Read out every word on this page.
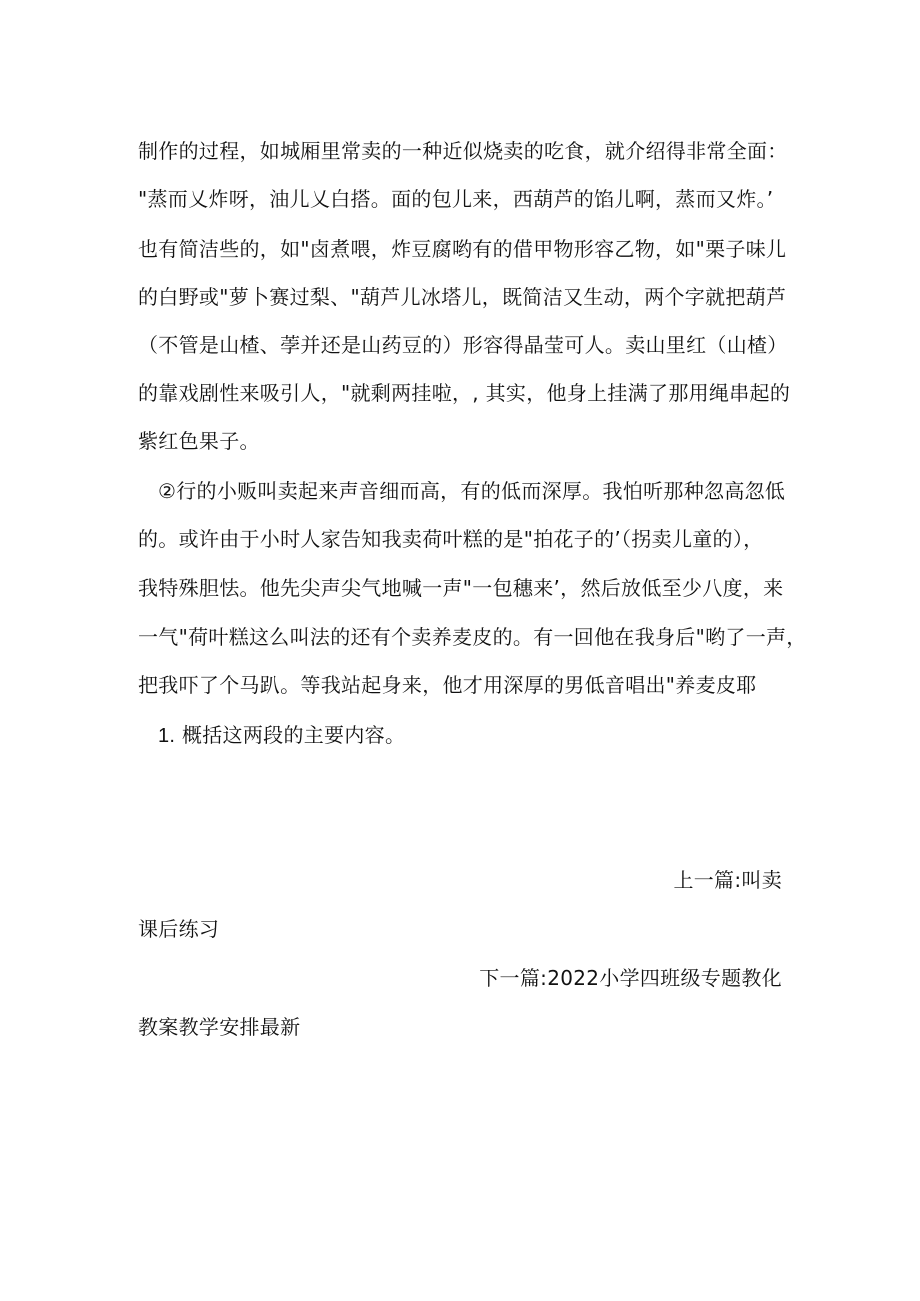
制作的过程，如城厢里常卖的一种近似烧卖的吃食，就介绍得非常全面：
"蒸而乂炸呀，油儿乂白搭。面的包儿来，西葫芦的馅儿啊，蒸而又炸。’
也有简洁些的，如"卤煮喂，炸豆腐哟有的借甲物形容乙物，如"栗子味儿
的白野或"萝卜赛过梨、"葫芦儿冰塔儿，既简洁又生动，两个字就把葫芦
（不管是山楂、荸并还是山药豆的）形容得晶莹可人。卖山里红（山楂）
的靠戏剧性来吸引人，"就剩两挂啦，, 其实，他身上挂满了那用绳串起的
紫红色果子。
②行的小贩叫卖起来声音细而高，有的低而深厚。我怕听那种忽高忽低
的。或许由于小时人家告知我卖荷叶糕的是"拍花子的’（拐卖儿童的），
我特殊胆怯。他先尖声尖气地喊一声"一包穗来’，然后放低至少八度，来
一气"荷叶糕这么叫法的还有个卖养麦皮的。有一回他在我身后"哟了一声，
把我吓了个马趴。等我站起身来，他才用深厚的男低音唱出"养麦皮耶
1. 概括这两段的主要内容。
上一篇:叫卖
课后练习
下一篇:2022小学四班级专题教化
教案教学安排最新
